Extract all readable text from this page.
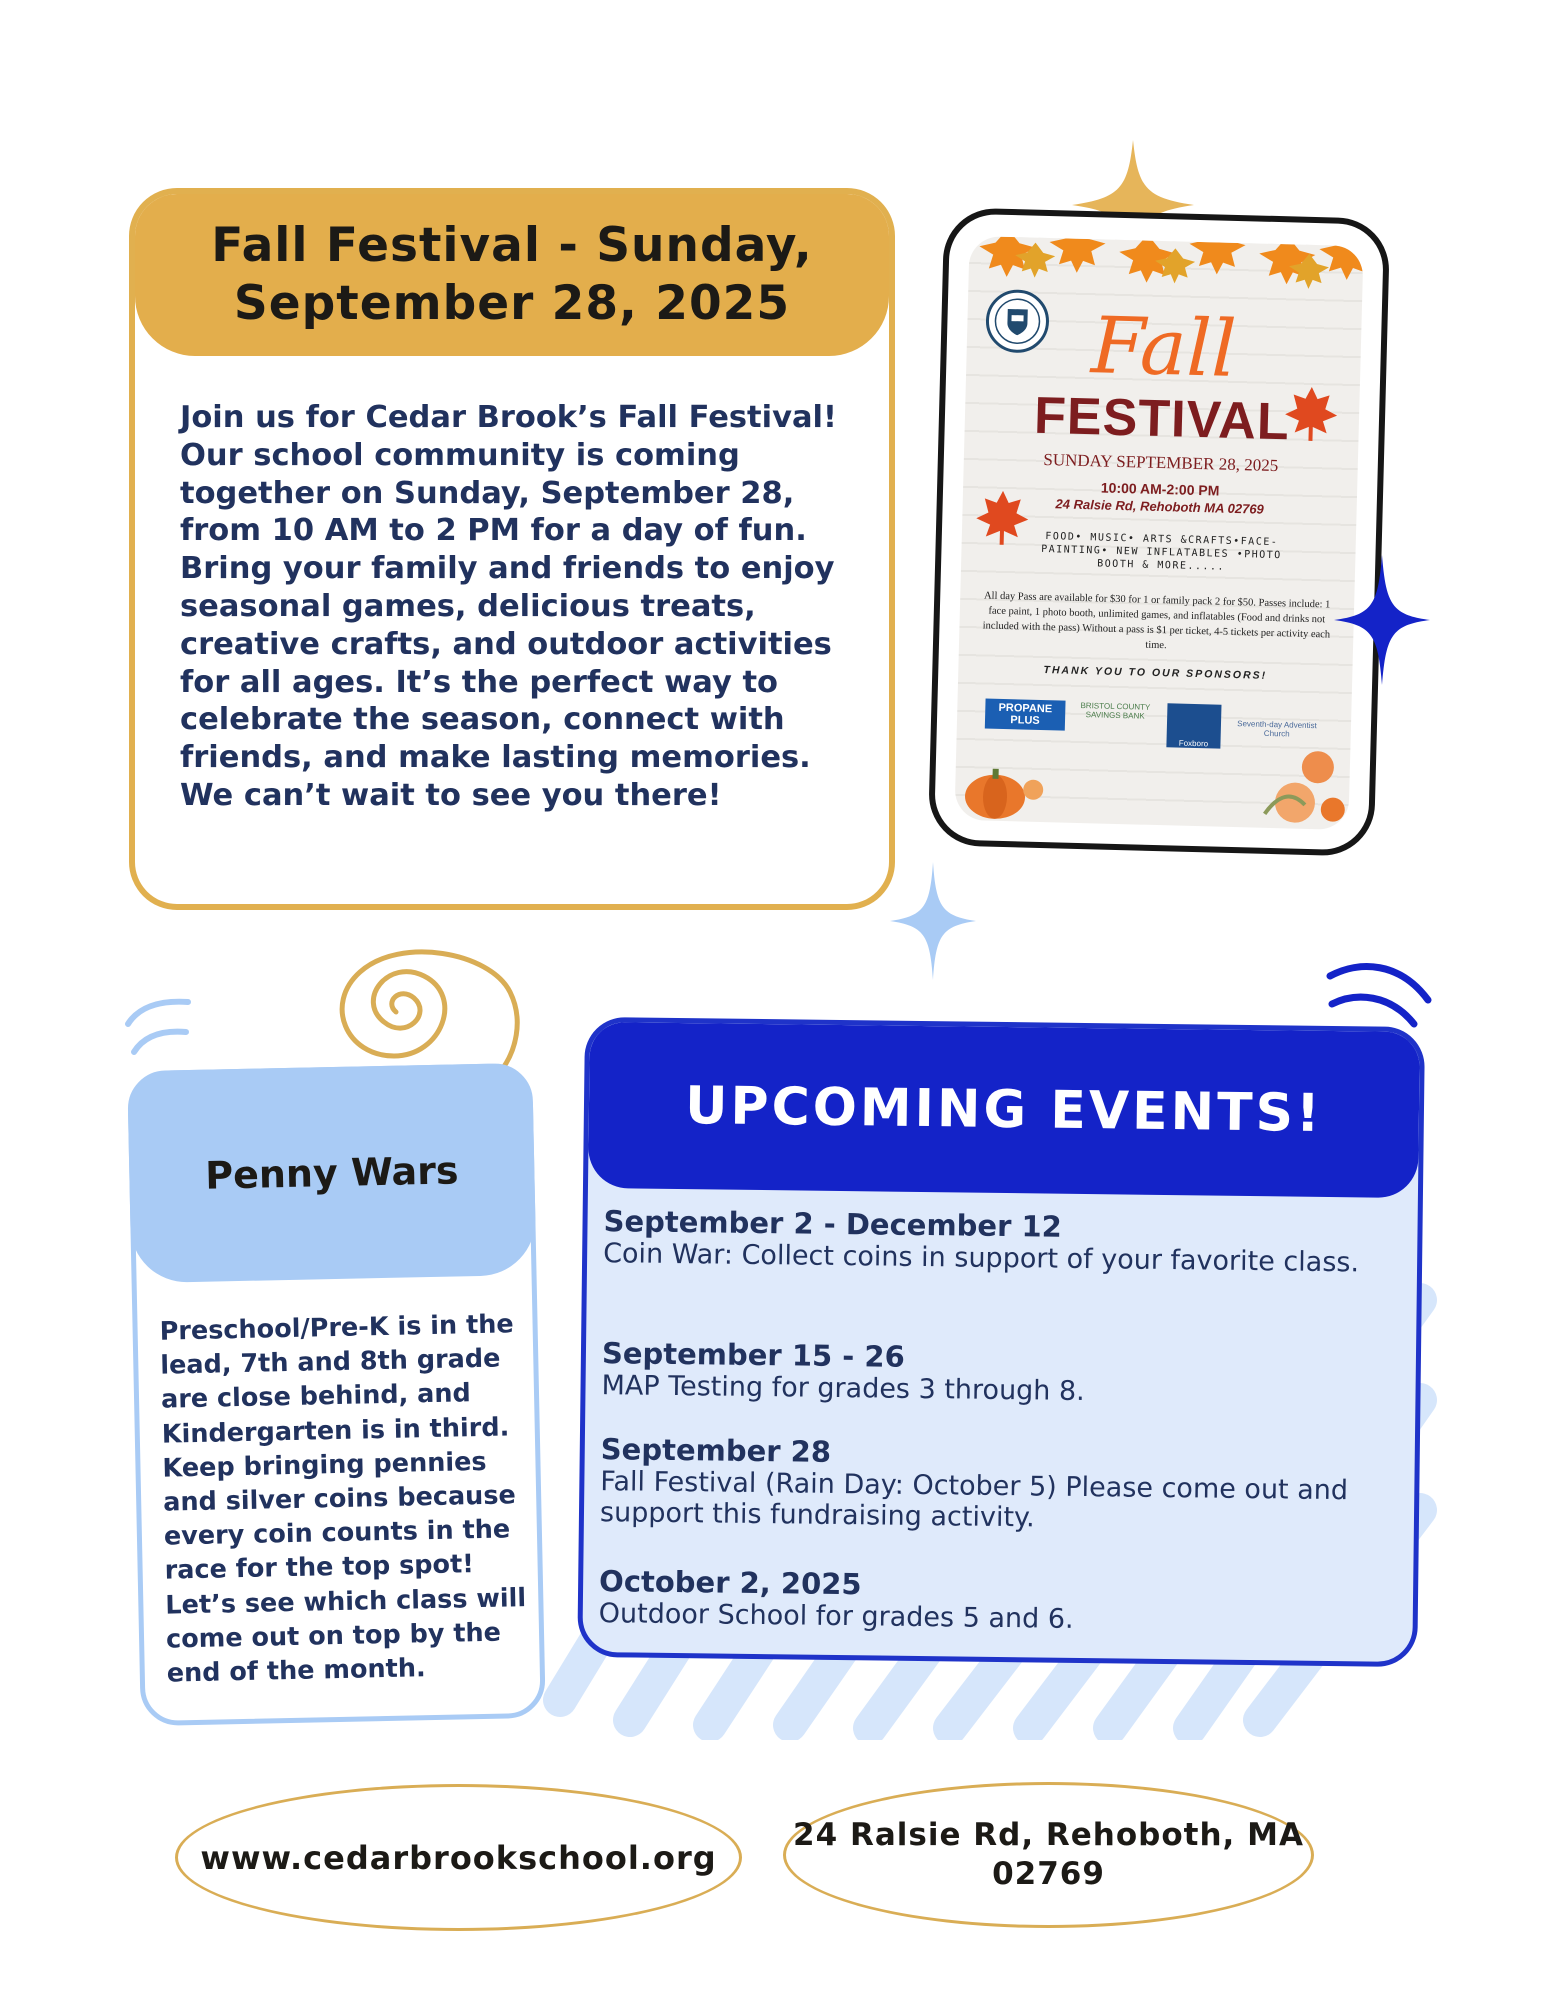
Fall Festival - Sunday, September 28, 2025
Join us for Cedar Brook’s Fall Festival! Our school community is coming together on Sunday, September 28, from 10 AM to 2 PM for a day of fun. Bring your family and friends to enjoy seasonal games, delicious treats, creative crafts, and outdoor activities for all ages. It’s the perfect way to celebrate the season, connect with friends, and make lasting memories. We can’t wait to see you there!
Fall
FESTIVAL
SUNDAY SEPTEMBER 28, 2025
10:00 AM-2:00 PM
24 Ralsie Rd, Rehoboth MA 02769
FOOD• MUSIC• ARTS &CRAFTS•FACE-PAINTING• NEW INFLATABLES •PHOTO BOOTH & MORE.....
All day Pass are available for $30 for 1 or family pack 2 for $50. Passes include: 1 face paint, 1 photo booth, unlimited games, and inflatables (Food and drinks not included with the pass) Without a pass is $1 per ticket, 4-5 tickets per activity each time.
THANK YOU TO OUR SPONSORS!
PROPANE PLUS
BRISTOL COUNTY SAVINGS BANK
Foxboro
Seventh-day Adventist Church
Penny Wars
Preschool/Pre-K is in the lead, 7th and 8th grade are close behind, and Kindergarten is in third. Keep bringing pennies and silver coins because every coin counts in the race for the top spot! Let’s see which class will come out on top by the end of the month.
UPCOMING EVENTS!
September 2 - December 12
Coin War: Collect coins in support of your favorite class.
September 15 - 26
MAP Testing for grades 3 through 8.
September 28
Fall Festival (Rain Day: October 5) Please come out and support this fundraising activity.
October 2, 2025
Outdoor School for grades 5 and 6.
www.cedarbrookschool.org
24 Ralsie Rd, Rehoboth, MA 02769
